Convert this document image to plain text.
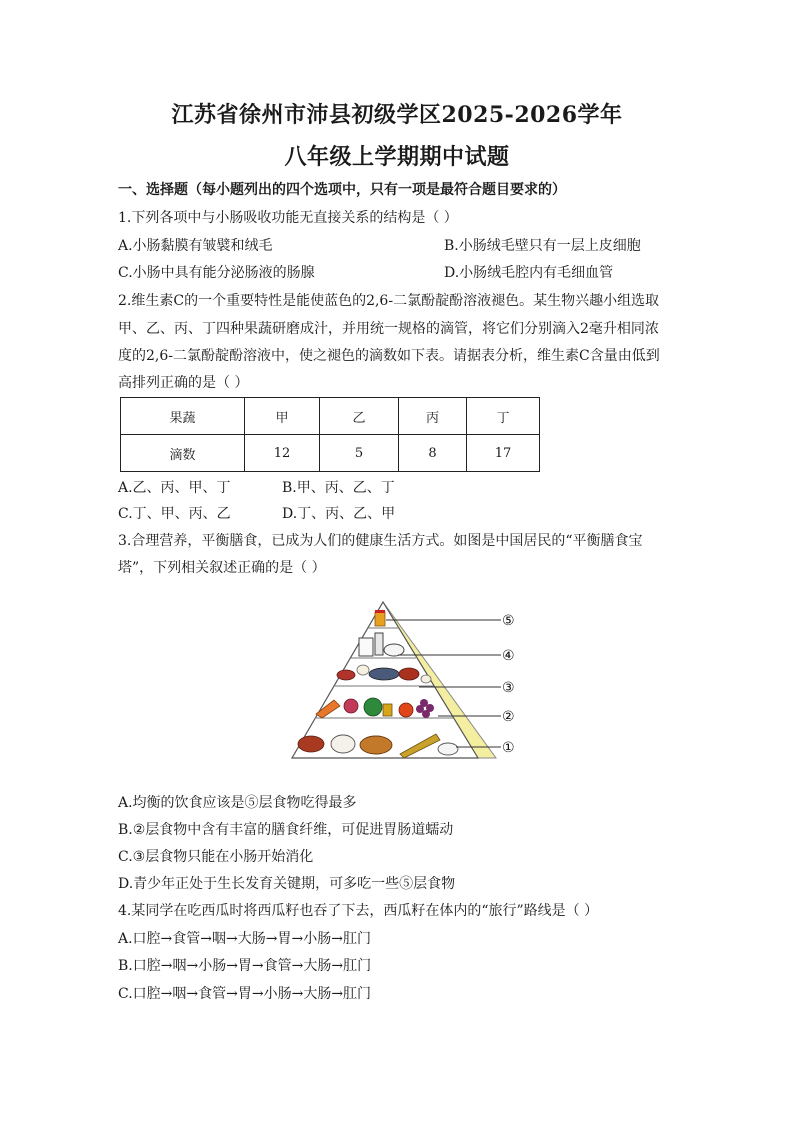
江苏省徐州市沛县初级学区2025-2026学年
八年级上学期期中试题
一、选择题（每小题列出的四个选项中，只有一项是最符合题目要求的）
1.下列各项中与小肠吸收功能无直接关系的结构是（ ）
A.小肠黏膜有皱襞和绒毛	B.小肠绒毛壁只有一层上皮细胞
C.小肠中具有能分泌肠液的肠腺	D.小肠绒毛腔内有毛细血管
2.维生素C的一个重要特性是能使蓝色的2,6-二氯酚靛酚溶液褪色。某生物兴趣小组选取
甲、乙、丙、丁四种果蔬研磨成汁，并用统一规格的滴管，将它们分别滴入2毫升相同浓
度的2,6-二氯酚靛酚溶液中，使之褪色的滴数如下表。请据表分析，维生素C含量由低到
高排列正确的是（ ）
果蔬	甲	乙	丙	丁
滴数	12	5	8	17
A.乙、丙、甲、丁	B.甲、丙、乙、丁
C.丁、甲、丙、乙	D.丁、丙、乙、甲
3.合理营养，平衡膳食，已成为人们的健康生活方式。如图是中国居民的“平衡膳食宝
塔”，下列相关叙述正确的是（ ）
⑤
④
③
②
①
A.均衡的饮食应该是⑤层食物吃得最多
B.②层食物中含有丰富的膳食纤维，可促进胃肠道蠕动
C.③层食物只能在小肠开始消化
D.青少年正处于生长发育关键期，可多吃一些⑤层食物
4.某同学在吃西瓜时将西瓜籽也吞了下去，西瓜籽在体内的“旅行”路线是（ ）
A.口腔→食管→咽→大肠→胃→小肠→肛门
B.口腔→咽→小肠→胃→食管→大肠→肛门
C.口腔→咽→食管→胃→小肠→大肠→肛门
